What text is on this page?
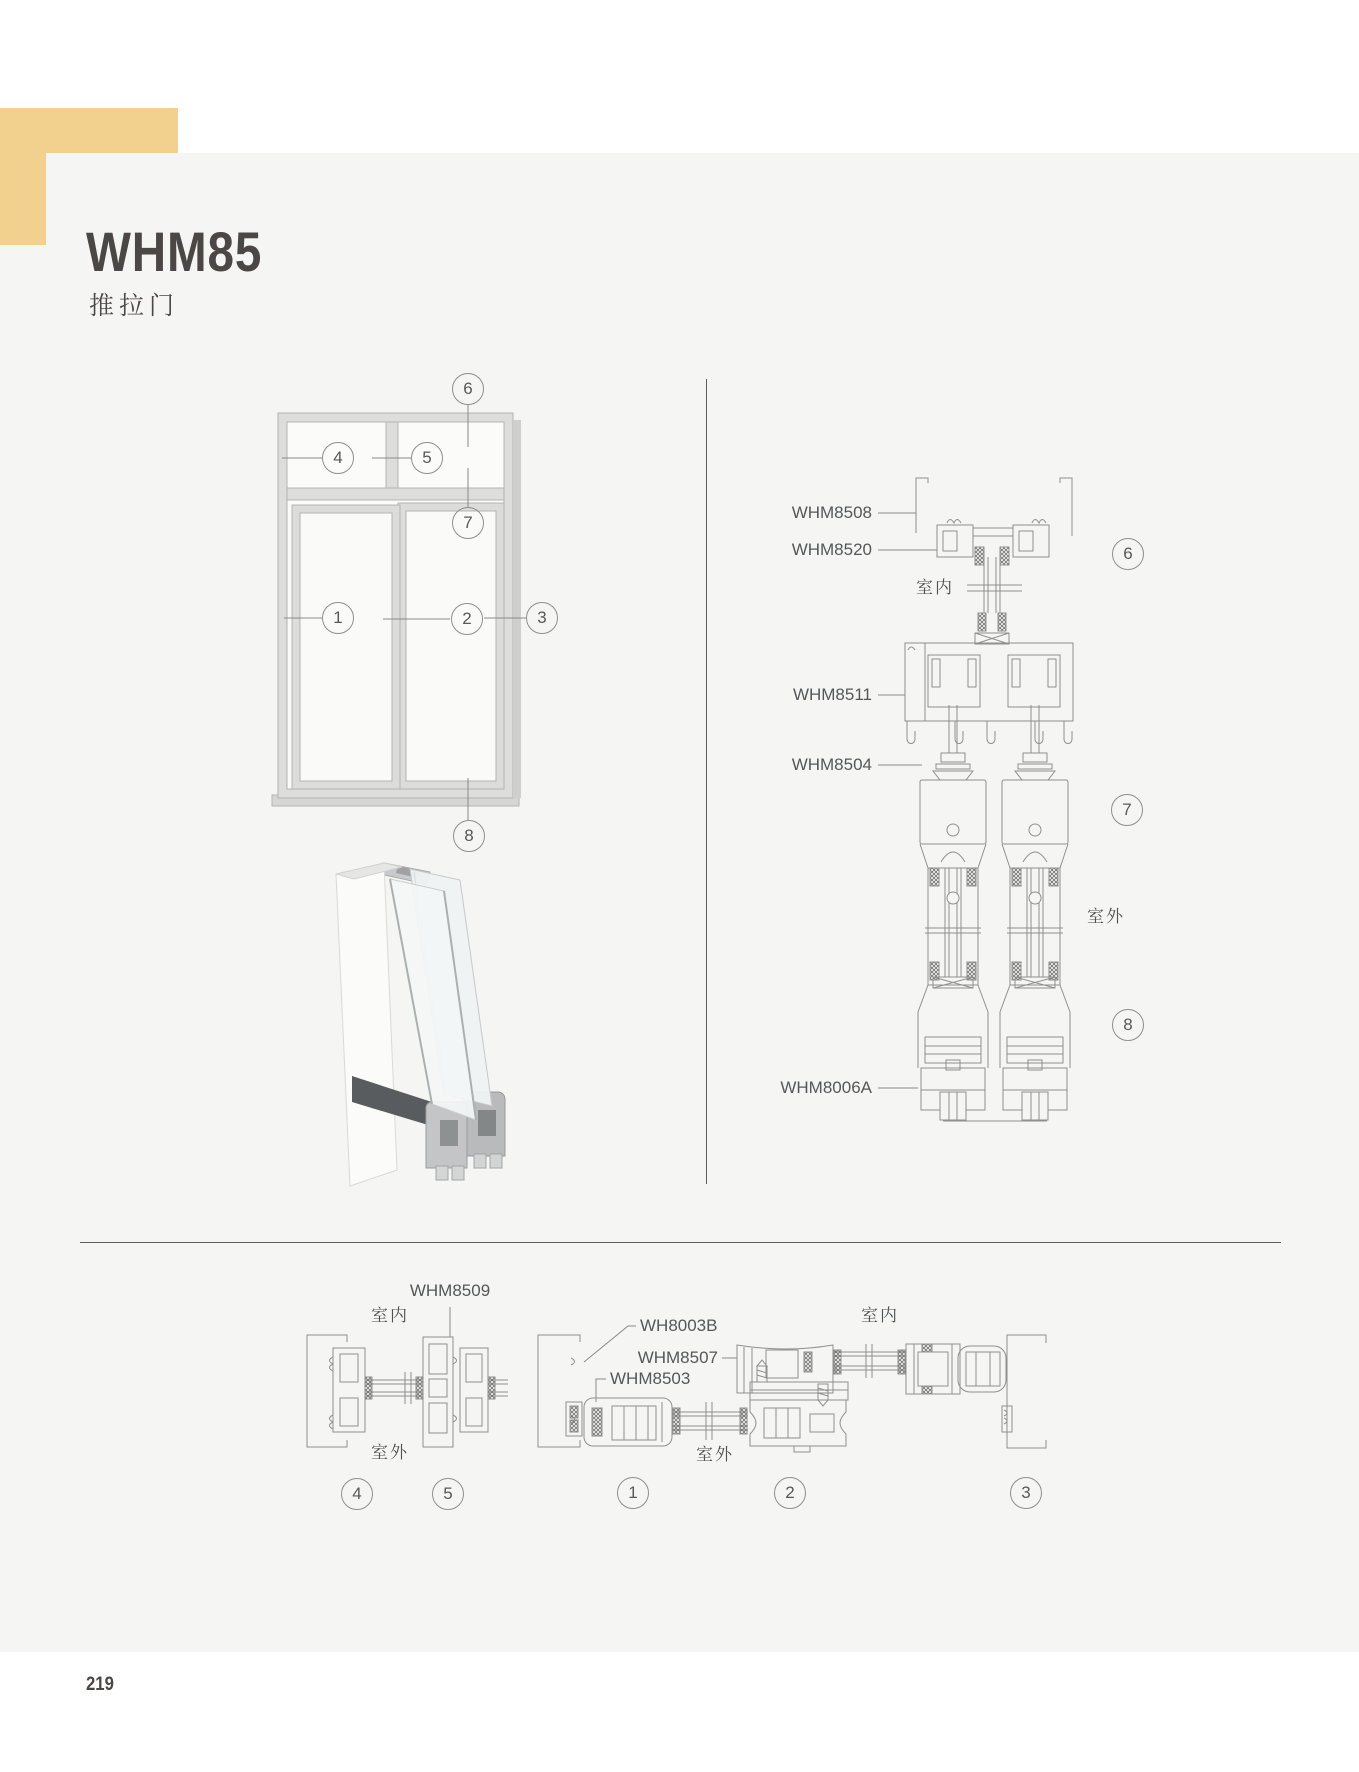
WHM85
推拉门
1	2	3
4	5
6
7
8
WHM8508
WHM8520
室内
WHM8511
WHM8504
室外
WHM8006A
6
7
8
WHM8509
室内
室外
4	5
WH8003B
WHM8507
WHM8503
室内
室外
1	2	3
219
